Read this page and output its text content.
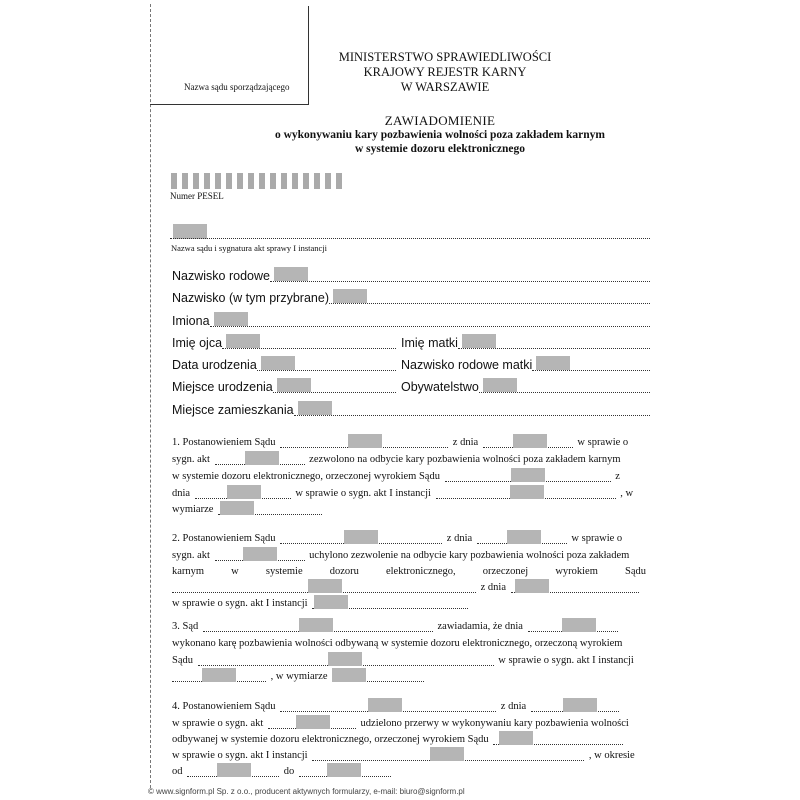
Nazwa sądu sporządzającego
MINISTERSTWO SPRAWIEDLIWOŚCI
KRAJOWY REJESTR KARNY
W WARSZAWIE
ZAWIADOMIENIE
o wykonywaniu kary pozbawienia wolności poza zakładem karnym
w systemie dozoru elektronicznego
Numer PESEL
Nazwa sądu i sygnatura akt sprawy I instancji
Nazwisko rodowe
Nazwisko (w tym przybrane)
Imiona
Imię ojca	Imię matki
Data urodzenia	Nazwisko rodowe matki
Miejsce urodzenia	Obywatelstwo
Miejsce zamieszkania
1. Postanowieniem Sądu	z dnia	w sprawie o
sygn. akt	zezwolono na odbycie kary pozbawienia wolności poza zakładem karnym
w systemie dozoru elektronicznego, orzeczonej wyrokiem Sądu	z
dnia	w sprawie o sygn. akt I instancji	, w
wymiarze
2. Postanowieniem Sądu	z dnia	w sprawie o
sygn. akt	uchylono zezwolenie na odbycie kary pozbawienia wolności poza zakładem
karnym	w	systemie	dozoru	elektronicznego,	orzeczonej	wyrokiem	Sądu
z dnia
w sprawie o sygn. akt I instancji
3. Sąd	zawiadamia, że dnia
wykonano karę pozbawienia wolności odbywaną w systemie dozoru elektronicznego, orzeczoną wyrokiem
Sądu	w sprawie o sygn. akt I instancji
, w wymiarze
4. Postanowieniem Sądu	z dnia
w sprawie o sygn. akt	udzielono przerwy w wykonywaniu kary pozbawienia wolności
odbywanej w systemie dozoru elektronicznego, orzeczonej wyrokiem Sądu
w sprawie o sygn. akt I instancji	, w okresie
od	do
© www.signform.pl Sp. z o.o., producent aktywnych formularzy, e-mail: biuro@signform.pl
